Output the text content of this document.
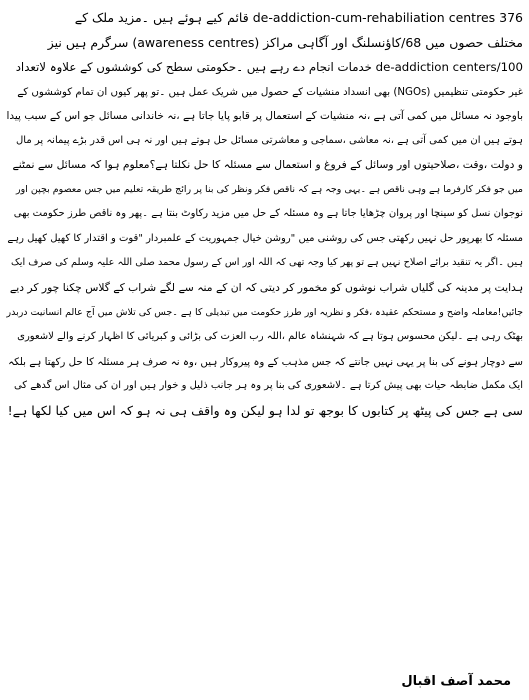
‏376 de-addiction-cum-rehabiliation centres قائم کیے ہوئے ہیں ۔مزید ملک کے
‏مختلف حصوں میں 68/کاؤنسلنگ اور آگاہی مراکز (awareness centres) سرگرم ہیں نیز
‏100/de-addiction centers خدمات انجام دے رہے ہیں ۔حکومتی سطح کی کوششوں کے علاوہ لاتعداد
‏غیر حکومتی تنظیمیں (NGOs) بھی انسداد منشیات کے حصول میں شریک عمل ہیں ۔تو پھر کیوں ان تمام کوششوں کے
‏باوجود نہ مسائل میں کمی آتی ہے ،نہ منشیات کے استعمال پر قابو پایا جاتا ہے ،نہ خاندانی مسائل جو اس کے سبب پیدا
‏ہوتے ہیں ان میں کمی آتی ہے ،نہ معاشی ،سماجی و معاشرتی مسائل حل ہوتے ہیں اور نہ ہی اس قدر بڑے پیمانہ پر مال
‏و دولت ،وقت ،صلاحیتوں اور وسائل کے فروغ و استعمال سے مسئلہ کا حل نکلتا ہے؟معلوم ہوا کہ مسائل سے نمٹنے
‏میں جو فکر کارفرما ہے وہی ناقص ہے ۔یہی وجہ ہے کہ ناقص فکر ونظر کی بنا پر رائج طریقہ تعلیم میں جس معصوم بچپن اور
‏نوجوان نسل کو سینچا اور پروان چڑھایا جاتا ہے وہ مسئلہ کے حل میں مزید رکاوٹ بنتا ہے ۔پھر وہ ناقص طرز حکومت بھی
‏مسئلہ کا بھرپور حل نہیں رکھتی جس کی روشنی میں "روشن خیال جمہوریت کے علمبردار "قوت و اقتدار کا کھیل کھیل رہے
‏ہیں ۔اگر یہ تنقید برائے اصلاح نہیں ہے تو پھر کیا وجہ تھی کہ اللہ اور اس کے رسول محمد صلی اللہ علیہ وسلم کی صرف ایک
‏ہدایت پر مدینہ کی گلیاں شراب نوشوں کو مخمور کر دیتی کہ ان کے منہ سے لگے شراب کے گلاس چکنا چور کر دیے
‏جائیں!معاملہ واضح و مستحکم عقیدہ ،فکر و نظریہ اور طرز حکومت میں تبدیلی کا ہے ۔جس کی تلاش میں آج عالم انسانیت دربدر
‏بھٹک رہی ہے ۔لیکن محسوس ہوتا ہے کہ شہنشاہ عالم ،اللہ رب العزت کی بڑائی و کبریائی کا اظہار کرنے والے لاشعوری
‏سے دوچار ہونے کی بنا پر یہی نہیں جانتے کہ جس مذہب کے وہ پیروکار ہیں ،وہ نہ صرف ہر مسئلہ کا حل رکھتا ہے بلکہ
‏ایک مکمل ضابطہ حیات بھی پیش کرتا ہے ۔لاشعوری کی بنا پر وہ ہر جانب ذلیل و خوار ہیں اور ان کی مثال اس گدھے کی
‏سی ہے جس کی پیٹھ پر کتابوں کا بوجھ تو لدا ہو لیکن وہ واقف ہی نہ ہو کہ اس میں کیا لکھا ہے!
محمد آصف اقبال
